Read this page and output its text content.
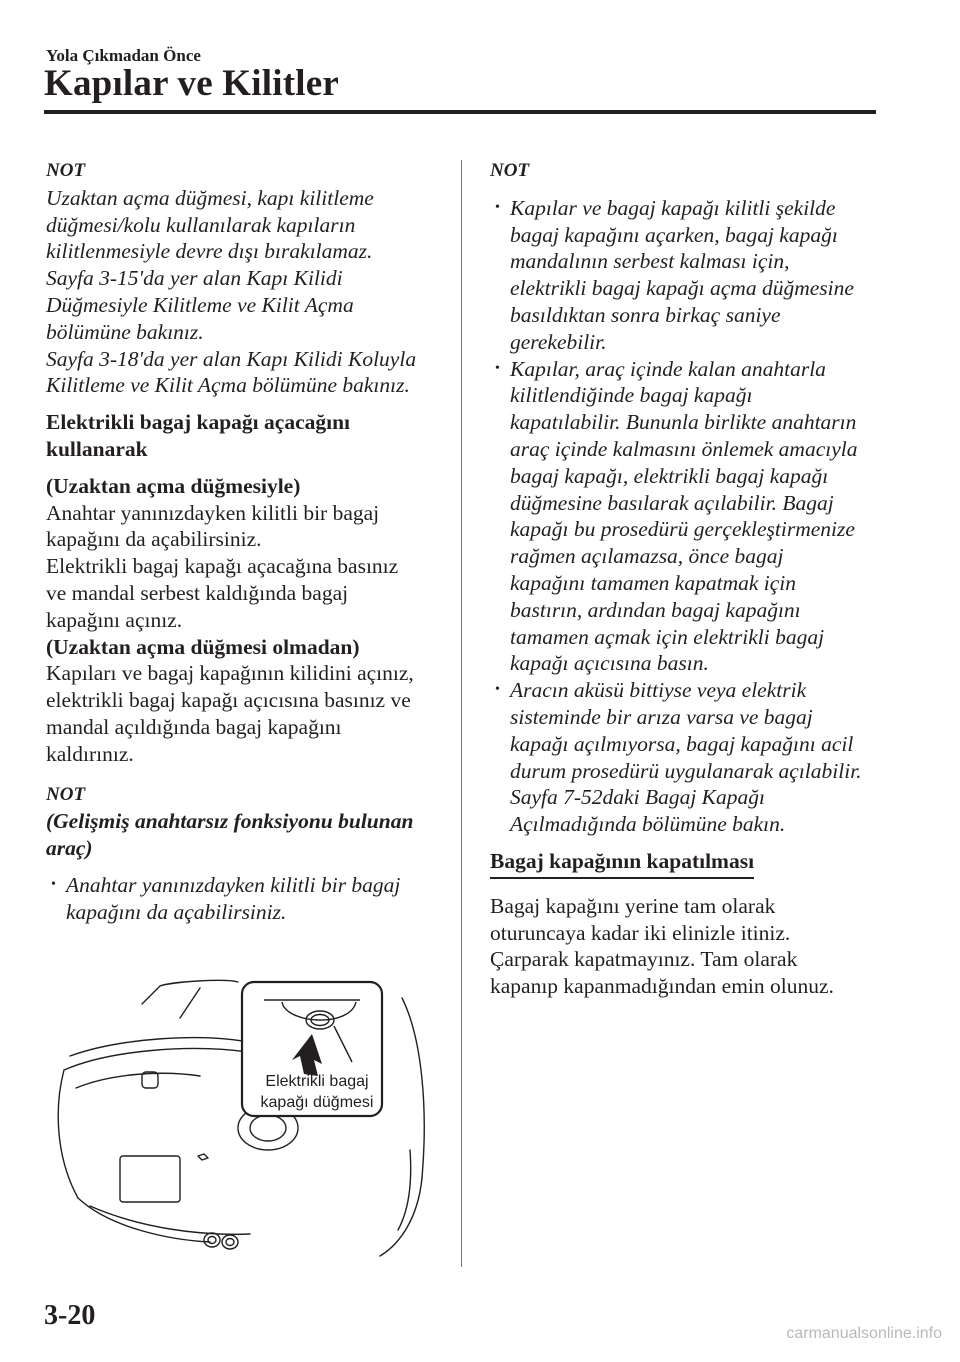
Yola Çıkmadan Önce
Kapılar ve Kilitler

NOT

Uzaktan açma düğmesi, kapı kilitleme

düğmesi/kolu kullanılarak kapıların

kilitlenmesiyle devre dışı bırakılamaz.

Sayfa 3-15'da yer alan Kapı Kilidi

Düğmesiyle Kilitleme ve Kilit Açma

bölümüne bakınız.

Sayfa 3-18'da yer alan Kapı Kilidi Koluyla

Kilitleme ve Kilit Açma bölümüne bakınız.

Elektrikli bagaj kapağı açacağını

kullanarak

(Uzaktan açma düğmesiyle)

Anahtar yanınızdayken kilitli bir bagaj

kapağını da açabilirsiniz.

Elektrikli bagaj kapağı açacağına basınız

ve mandal serbest kaldığında bagaj

kapağını açınız.

(Uzaktan açma düğmesi olmadan)

Kapıları ve bagaj kapağının kilidini açınız,

elektrikli bagaj kapağı açıcısına basınız ve

mandal açıldığında bagaj kapağını

kaldırınız.

NOT

(Gelişmiş anahtarsız fonksiyonu bulunan

araç)

• Anahtar yanınızdayken kilitli bir bagaj

kapağını da açabilirsiniz.

Elektrikli bagaj
kapağı düğmesi

NOT

• Kapılar ve bagaj kapağı kilitli şekilde

bagaj kapağını açarken, bagaj kapağı

mandalının serbest kalması için,

elektrikli bagaj kapağı açma düğmesine

basıldıktan sonra birkaç saniye

gerekebilir.

• Kapılar, araç içinde kalan anahtarla

kilitlendiğinde bagaj kapağı

kapatılabilir. Bununla birlikte anahtarın

araç içinde kalmasını önlemek amacıyla

bagaj kapağı, elektrikli bagaj kapağı

düğmesine basılarak açılabilir. Bagaj

kapağı bu prosedürü gerçekleştirmenize

rağmen açılamazsa, önce bagaj

kapağını tamamen kapatmak için

bastırın, ardından bagaj kapağını

tamamen açmak için elektrikli bagaj

kapağı açıcısına basın.

• Aracın aküsü bittiyse veya elektrik

sisteminde bir arıza varsa ve bagaj

kapağı açılmıyorsa, bagaj kapağını acil

durum prosedürü uygulanarak açılabilir.

Sayfa 7-52daki Bagaj Kapağı

Açılmadığında bölümüne bakın.

Bagaj kapağının kapatılması

Bagaj kapağını yerine tam olarak

oturuncaya kadar iki elinizle itiniz.

Çarparak kapatmayınız. Tam olarak

kapanıp kapanmadığından emin olunuz.

3-20
carmanualsonline.info
